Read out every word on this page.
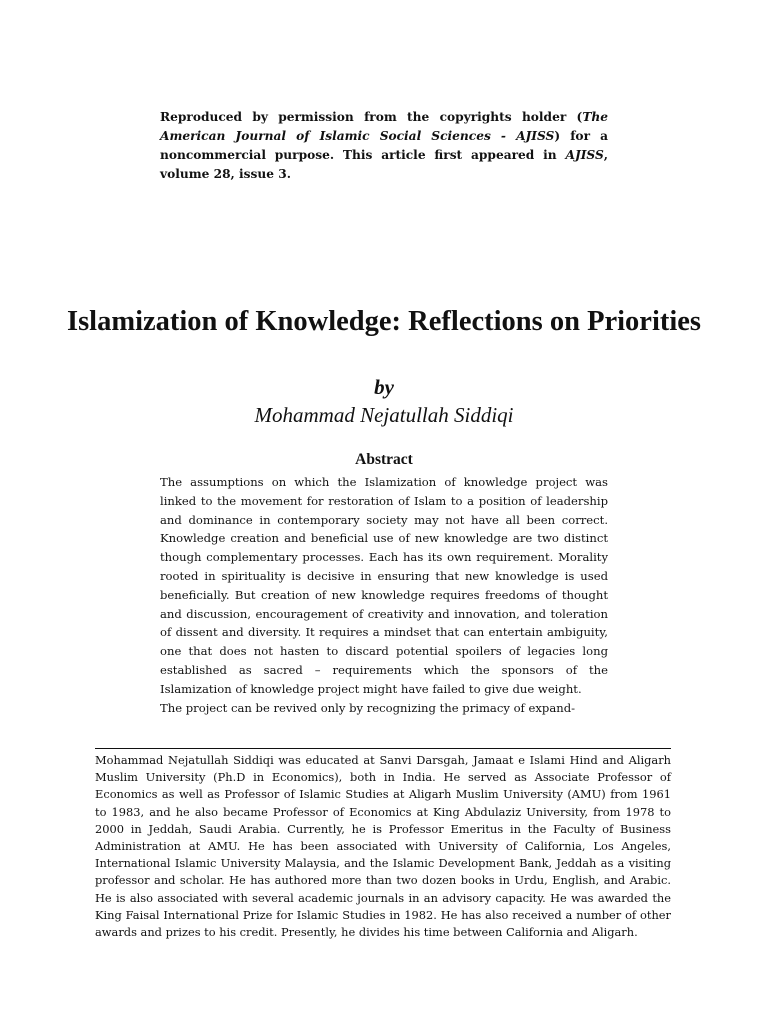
Reproduced by permission from the copyrights holder (The American Journal of Islamic Social Sciences - AJISS) for a noncommercial purpose. This article first appeared in AJISS, volume 28, issue 3.

Islamization of Knowledge: Reflections on Priorities
by
Mohammad Nejatullah Siddiqi
Abstract

The assumptions on which the Islamization of knowledge project was linked to the movement for restoration of Islam to a position of leadership and dominance in contemporary society may not have all been correct. Knowledge creation and beneficial use of new knowledge are two distinct though complementary processes. Each has its own requirement. Morality rooted in spirituality is decisive in ensuring that new knowledge is used beneficially. But creation of new knowledge requires freedoms of thought and discussion, encouragement of creativity and innovation, and toleration of dissent and diversity. It requires a mindset that can entertain ambiguity, one that does not hasten to discard potential spoilers of legacies long established as sacred – requirements which the sponsors of the Islamization of knowledge project might have failed to give due weight.

The project can be revived only by recognizing the primacy of expand-

Mohammad Nejatullah Siddiqi was educated at Sanvi Darsgah, Jamaat e Islami Hind and Aligarh Muslim University (Ph.D in Economics), both in India. He served as Associate Professor of Economics as well as Professor of Islamic Studies at Aligarh Muslim University (AMU) from 1961 to 1983, and he also became Professor of Economics at King Abdulaziz University, from 1978 to 2000 in Jeddah, Saudi Arabia. Currently, he is Professor Emeritus in the Faculty of Business Administration at AMU. He has been associated with University of California, Los Angeles, International Islamic University Malaysia, and the Islamic Development Bank, Jeddah as a visiting professor and scholar. He has authored more than two dozen books in Urdu, English, and Arabic. He is also associated with several academic journals in an advisory capacity. He was awarded the King Faisal International Prize for Islamic Studies in 1982. He has also received a number of other awards and prizes to his credit. Presently, he divides his time between California and Aligarh.
